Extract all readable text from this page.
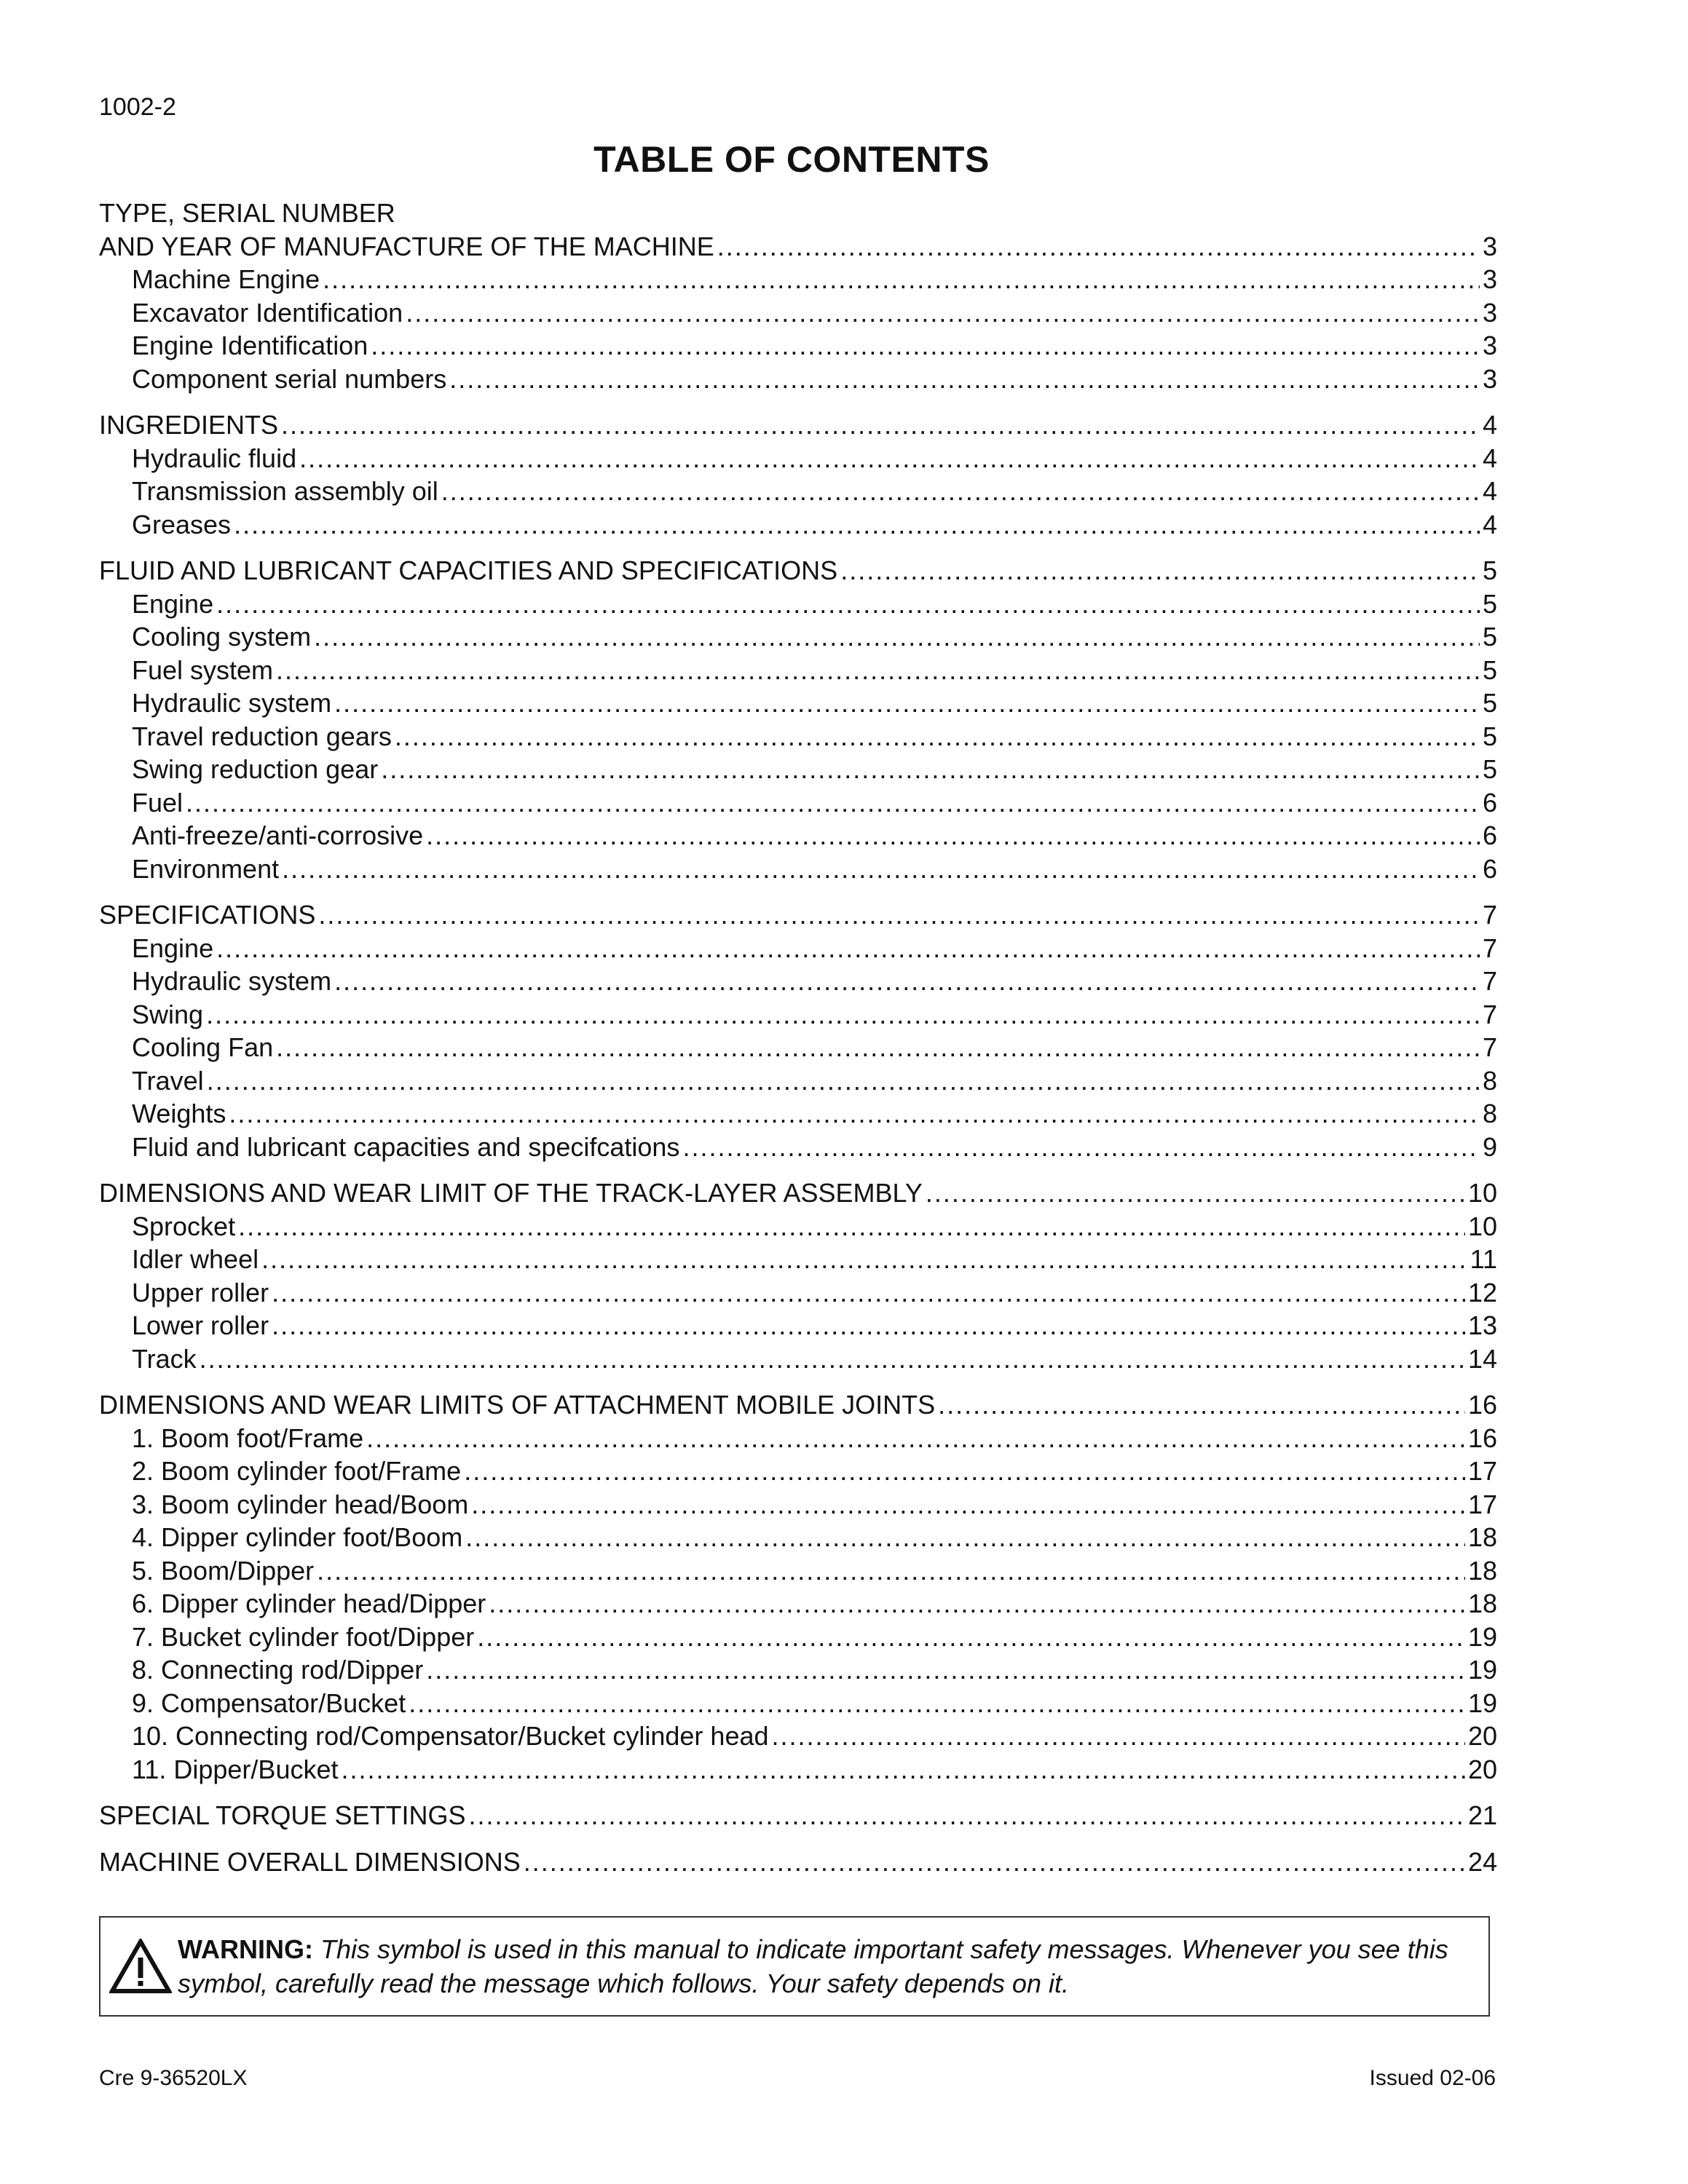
1002-2
TABLE OF CONTENTS
TYPE, SERIAL NUMBER
AND YEAR OF MANUFACTURE OF THE MACHINE .....	3
Machine Engine .....	3
Excavator Identification .....	3
Engine Identification .....	3
Component serial numbers .....	3
INGREDIENTS .....	4
Hydraulic fluid .....	4
Transmission assembly oil .....	4
Greases .....	4
FLUID AND LUBRICANT CAPACITIES AND SPECIFICATIONS .....	5
Engine .....	5
Cooling system .....	5
Fuel system .....	5
Hydraulic system .....	5
Travel reduction gears .....	5
Swing reduction gear .....	5
Fuel .....	6
Anti-freeze/anti-corrosive .....	6
Environment .....	6
SPECIFICATIONS .....	7
Engine .....	7
Hydraulic system .....	7
Swing .....	7
Cooling Fan .....	7
Travel .....	8
Weights .....	8
Fluid and lubricant capacities and specifcations .....	9
DIMENSIONS AND WEAR LIMIT OF THE TRACK-LAYER ASSEMBLY .....	10
Sprocket .....	10
Idler wheel .....	11
Upper roller .....	12
Lower roller .....	13
Track .....	14
DIMENSIONS AND WEAR LIMITS OF ATTACHMENT MOBILE JOINTS .....	16
1. Boom foot/Frame .....	16
2. Boom cylinder foot/Frame .....	17
3. Boom cylinder head/Boom .....	17
4. Dipper cylinder foot/Boom .....	18
5. Boom/Dipper .....	18
6. Dipper cylinder head/Dipper .....	18
7. Bucket cylinder foot/Dipper .....	19
8. Connecting rod/Dipper .....	19
9. Compensator/Bucket .....	19
10. Connecting rod/Compensator/Bucket cylinder head .....	20
11. Dipper/Bucket .....	20
SPECIAL TORQUE SETTINGS .....	21
MACHINE OVERALL DIMENSIONS .....	24
WARNING: This symbol is used in this manual to indicate important safety messages. Whenever you see this symbol, carefully read the message which follows. Your safety depends on it.
Cre 9-36520LX	Issued 02-06
